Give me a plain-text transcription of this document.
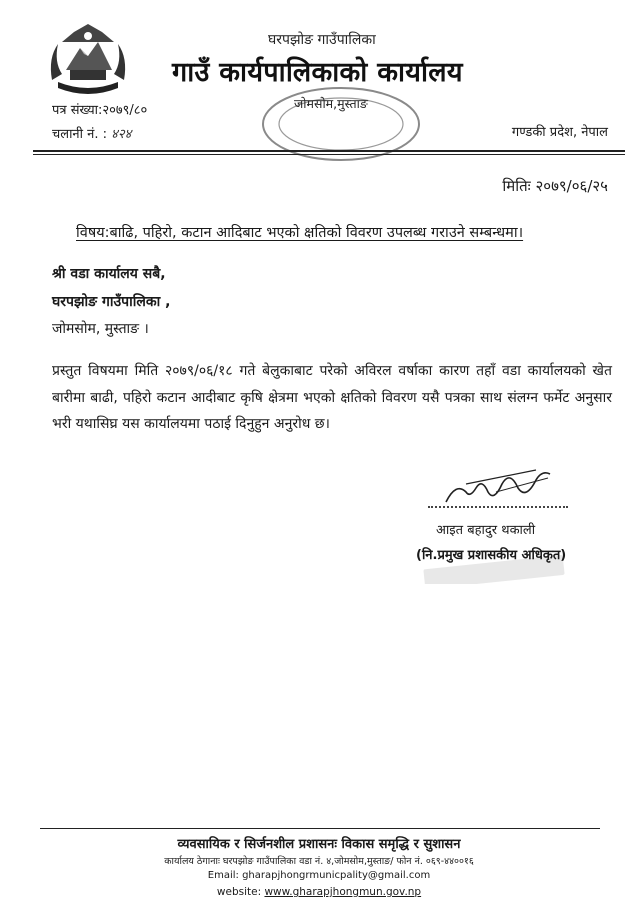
घरपझोङ गाउँपालिका
गाउँ कार्यपालिकाको कार्यालय
जोमसोम,मुस्ताङ
पत्र संख्या:२०७९/८०
चलानी नं. : ४२४	गण्डकी प्रदेश, नेपाल
मितिः २०७९/०६/२५
विषय:बाढि, पहिरो, कटान आदिबाट भएको क्षतिको विवरण उपलब्ध गराउने सम्बन्धमा।
श्री वडा कार्यालय सबै,
घरपझोङ गाउँपालिका ,
जोमसोम, मुस्ताङ ।
प्रस्तुत विषयमा मिति २०७९/०६/१८ गते बेलुकाबाट परेको अविरल वर्षाका कारण तहाँ वडा कार्यालयको खेत बारीमा बाढी, पहिरो कटान आदीबाट कृषि क्षेत्रमा भएको क्षतिको विवरण यसै पत्रका साथ संलग्न फर्मेट अनुसार भरी यथासिघ्र यस कार्यालयमा पठाई दिनुहुन अनुरोध छ।
आइत बहादुर थकाली
(नि.प्रमुख प्रशासकीय अधिकृत)
व्यवसायिक र सिर्जनशील प्रशासनः विकास समृद्धि र सुशासन
कार्यालय ठेगानाः घरपझोङ गाउँपालिका वडा नं. ४,जोमसोम,मुस्ताङ/ फोन नं. ०६९-४४००१६
Email: gharapjhongrmunicpality@gmail.com
website: www.gharapjhongmun.gov.np
